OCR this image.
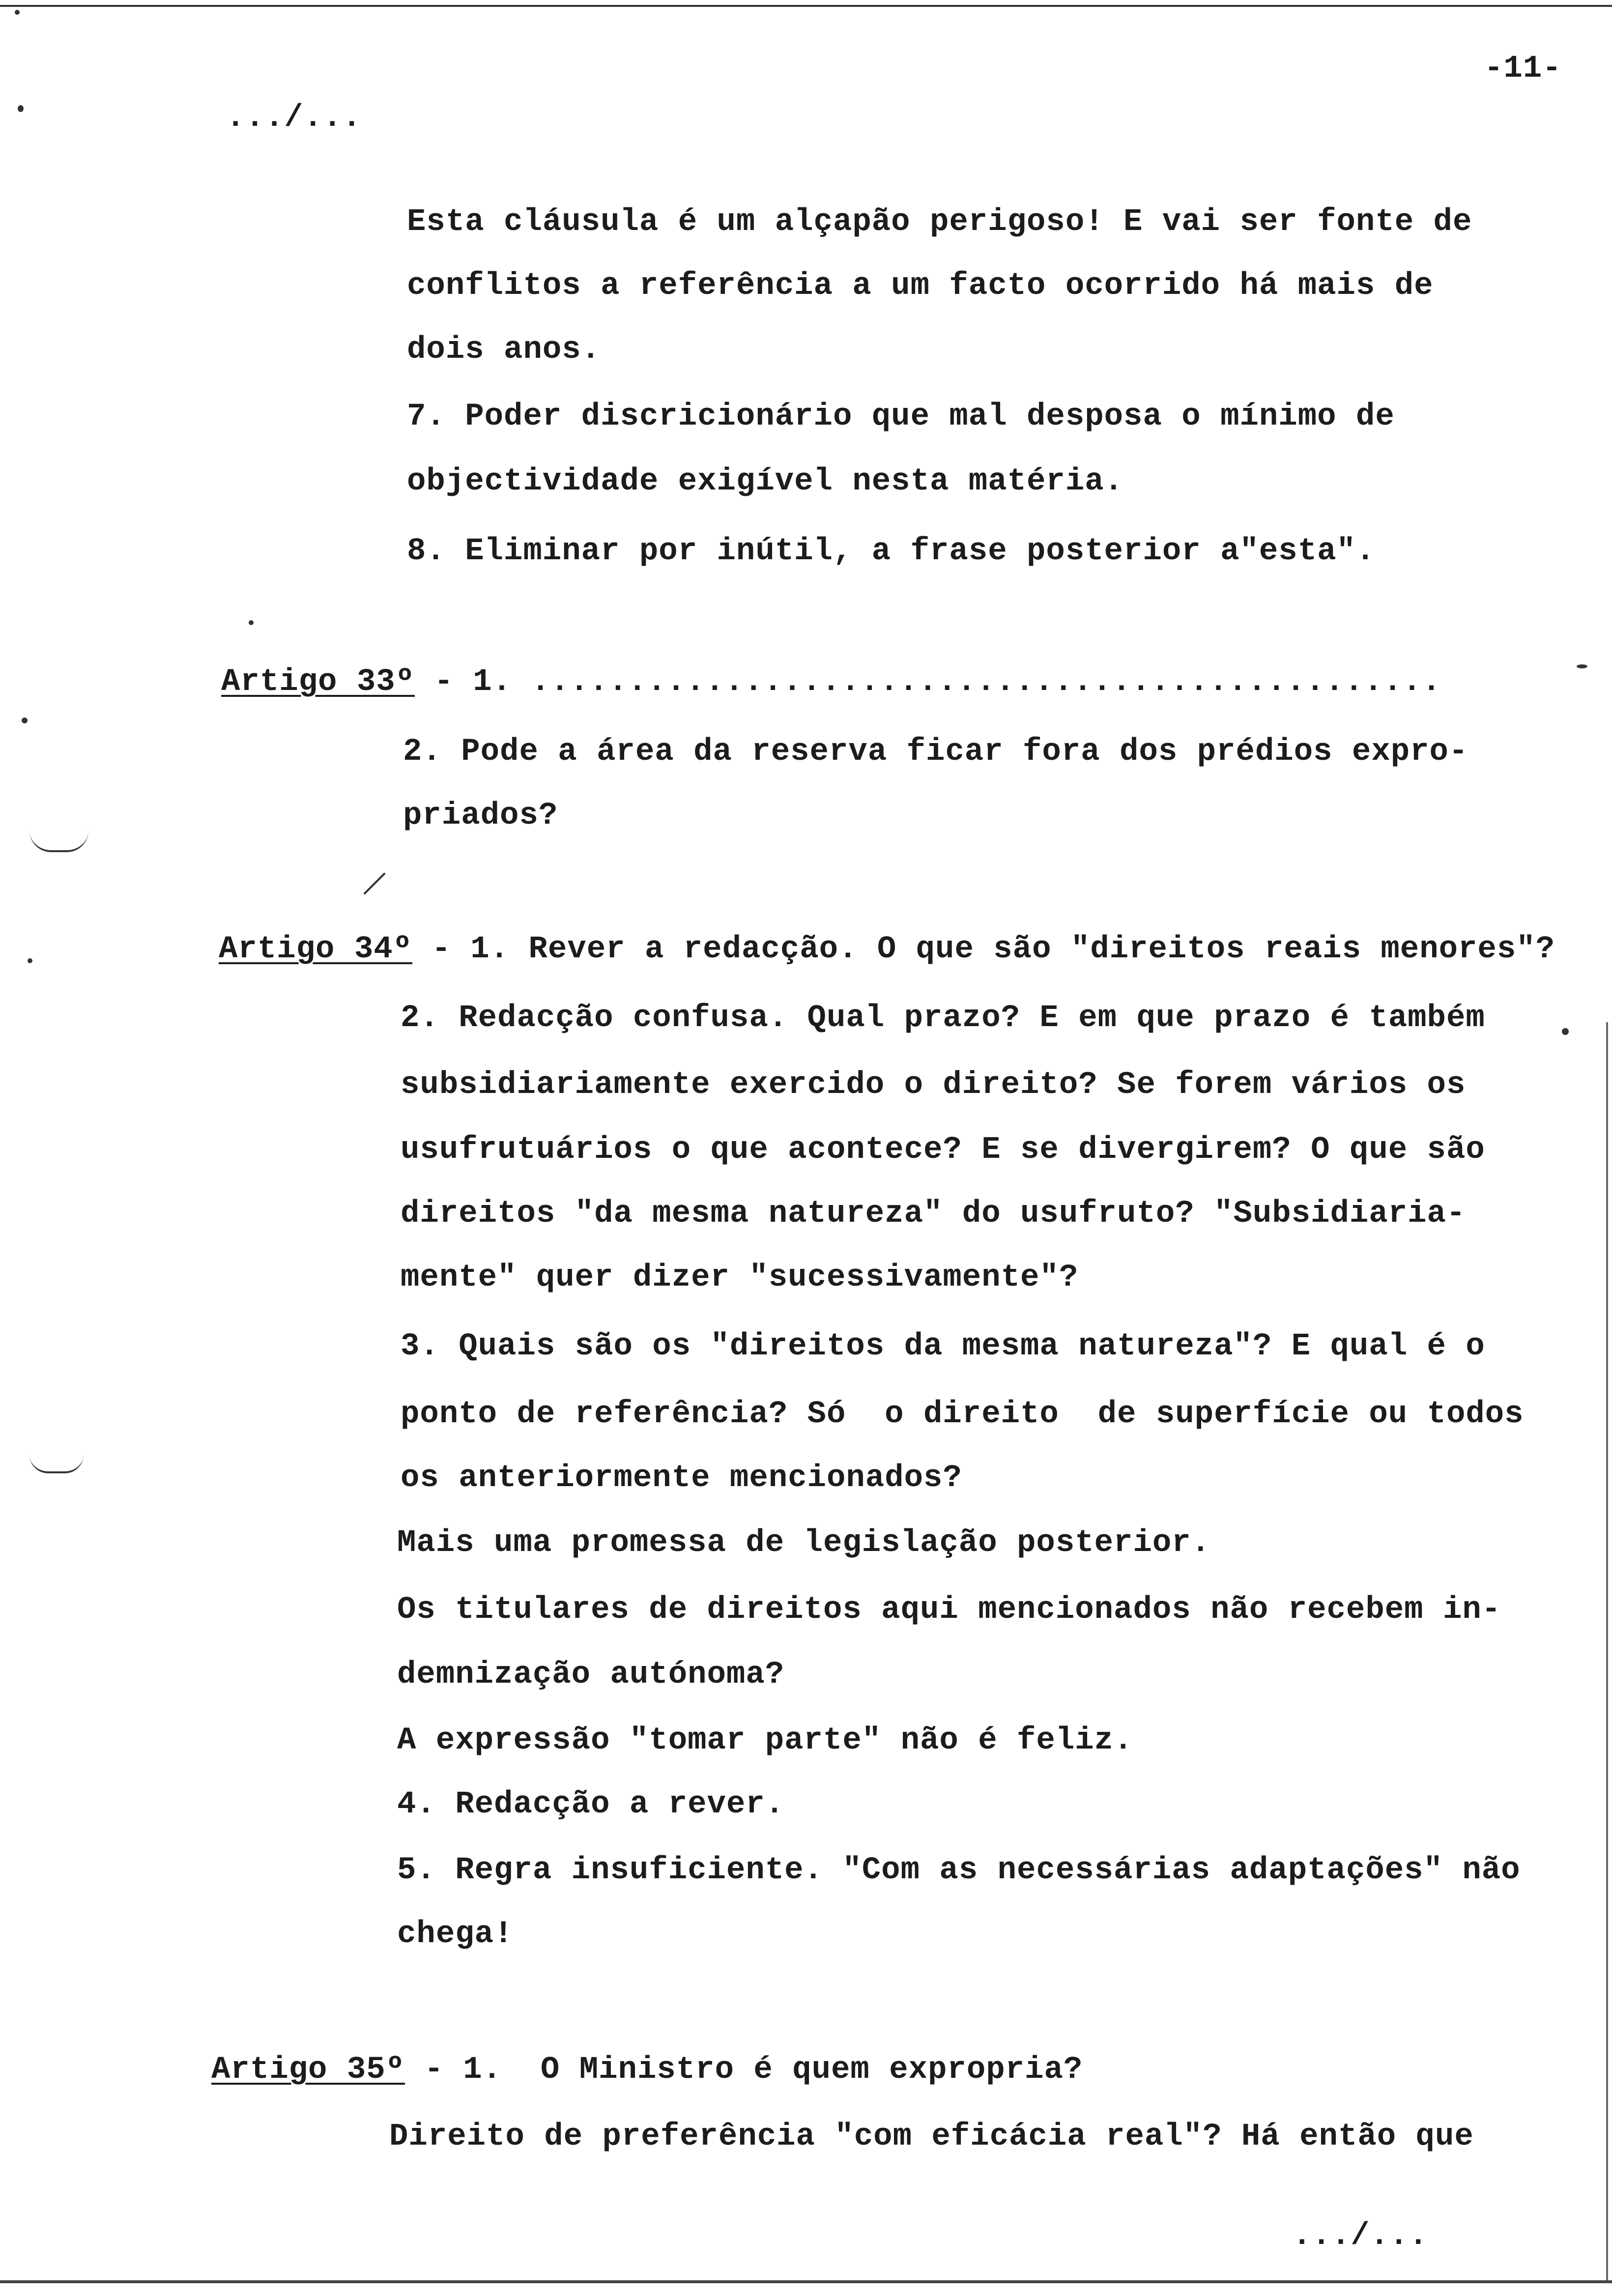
-11-
.../...
Esta cláusula é um alçapão perigoso! E vai ser fonte de
conflitos a referência a um facto ocorrido há mais de
dois anos.
7. Poder discricionário que mal desposa o mínimo de
objectividade exigível nesta matéria.
8. Eliminar por inútil, a frase posterior a"esta".
Artigo 33º - 1. ...............................................
2. Pode a área da reserva ficar fora dos prédios expro-
priados?
Artigo 34º - 1. Rever a redacção. O que são "direitos reais menores"?
2. Redacção confusa. Qual prazo? E em que prazo é também
subsidiariamente exercido o direito? Se forem vários os
usufrutuários o que acontece? E se divergirem? O que são
direitos "da mesma natureza" do usufruto? "Subsidiaria-
mente" quer dizer "sucessivamente"?
3. Quais são os "direitos da mesma natureza"? E qual é o
ponto de referência? Só  o direito  de superfície ou todos
os anteriormente mencionados?
Mais uma promessa de legislação posterior.
Os titulares de direitos aqui mencionados não recebem in-
demnização autónoma?
A expressão "tomar parte" não é feliz.
4. Redacção a rever.
5. Regra insuficiente. "Com as necessárias adaptações" não
chega!
Artigo 35º - 1.  O Ministro é quem expropria?
Direito de preferência "com eficácia real"? Há então que
.../...
